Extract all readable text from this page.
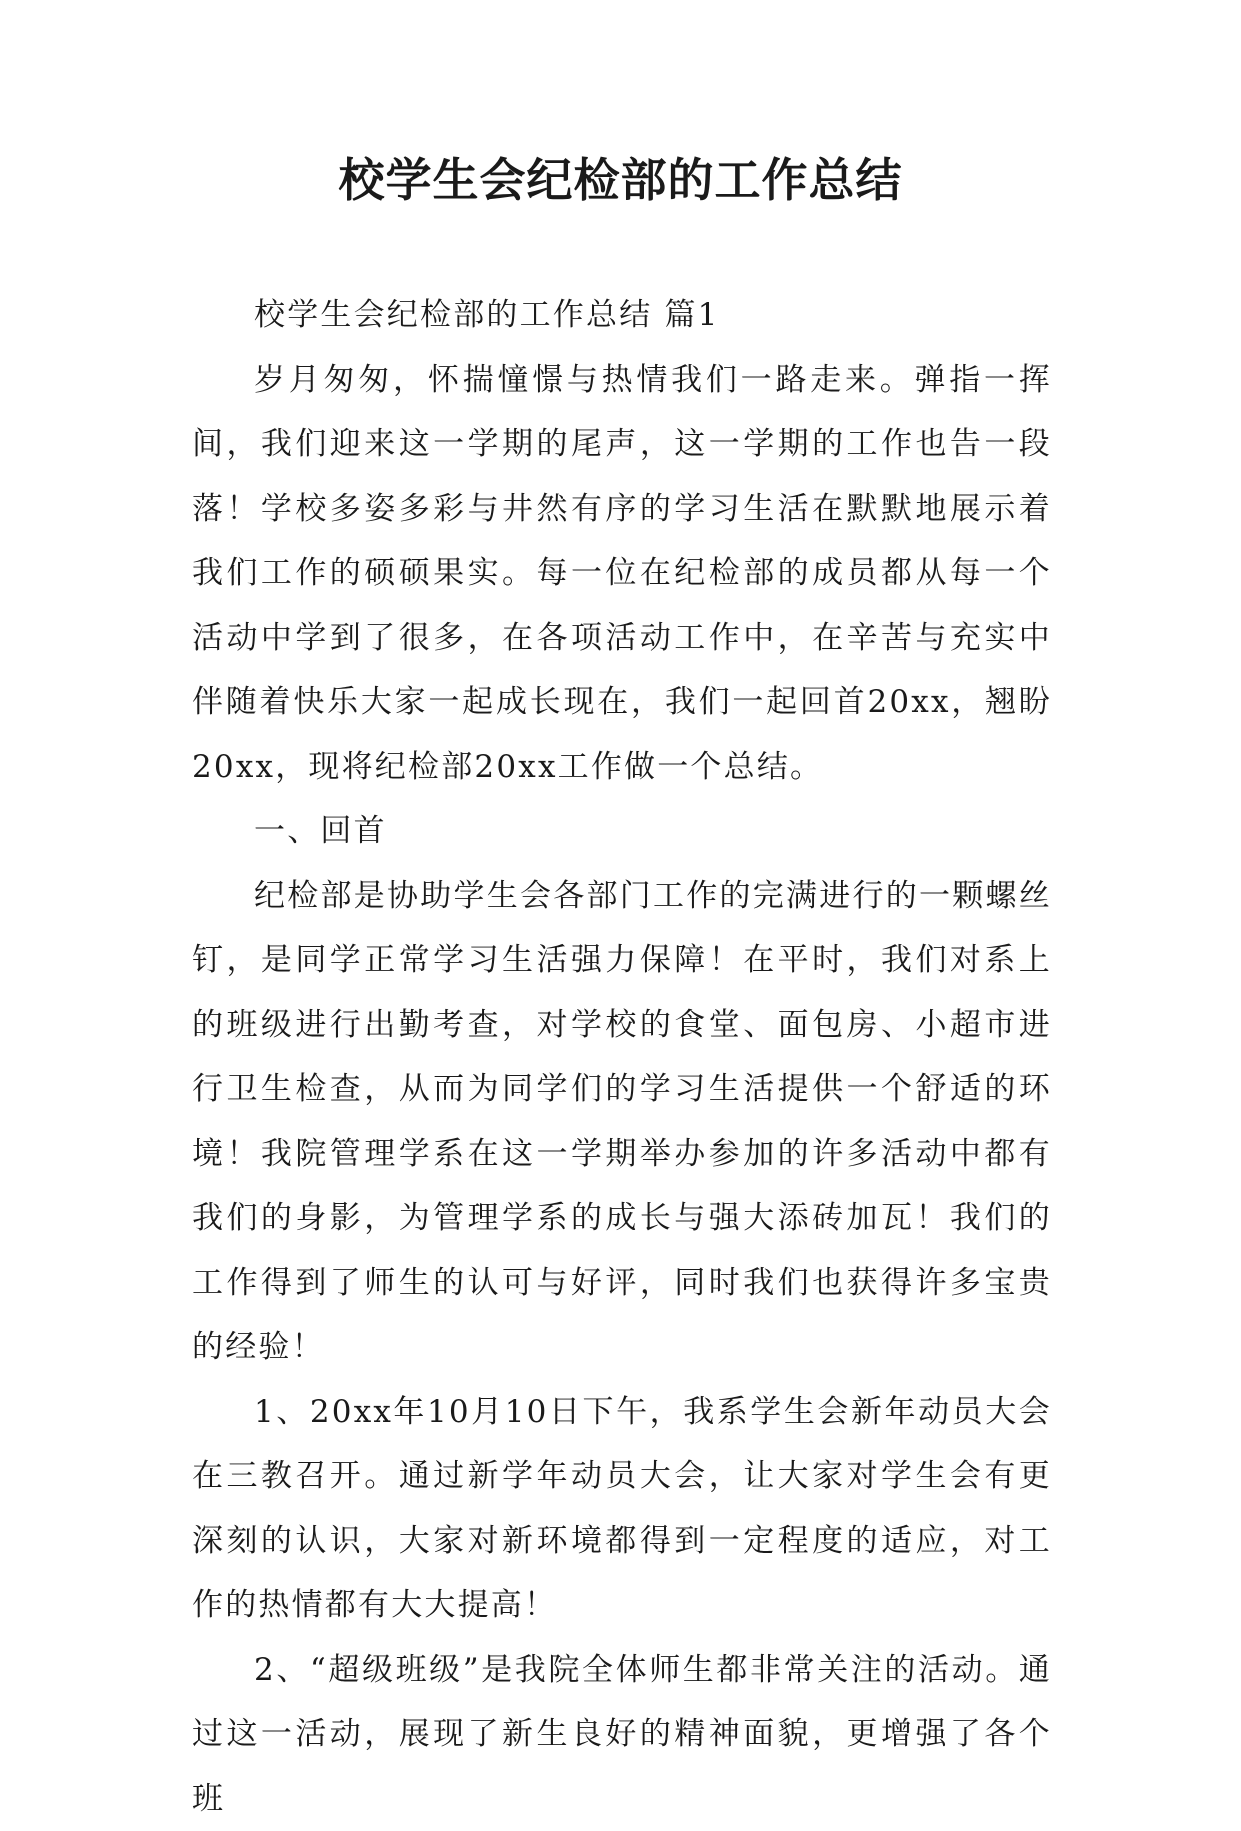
校学生会纪检部的工作总结

校学生会纪检部的工作总结 篇1

岁月匆匆，怀揣憧憬与热情我们一路走来。弹指一挥间，我们迎来这一学期的尾声，这一学期的工作也告一段落！学校多姿多彩与井然有序的学习生活在默默地展示着我们工作的硕硕果实。每一位在纪检部的成员都从每一个活动中学到了很多，在各项活动工作中，在辛苦与充实中伴随着快乐大家一起成长现在，我们一起回首20xx，翘盼20xx，现将纪检部20xx工作做一个总结。

一、回首

纪检部是协助学生会各部门工作的完满进行的一颗螺丝钉，是同学正常学习生活强力保障！在平时，我们对系上的班级进行出勤考查，对学校的食堂、面包房、小超市进行卫生检查，从而为同学们的学习生活提供一个舒适的环境！我院管理学系在这一学期举办参加的许多活动中都有我们的身影，为管理学系的成长与强大添砖加瓦！我们的工作得到了师生的认可与好评，同时我们也获得许多宝贵的经验！

1、20xx年10月10日下午，我系学生会新年动员大会在三教召开。通过新学年动员大会，让大家对学生会有更深刻的认识，大家对新环境都得到一定程度的适应，对工作的热情都有大大提高！

2、“超级班级”是我院全体师生都非常关注的活动。通过这一活动，展现了新生良好的精神面貌，更增强了各个班
